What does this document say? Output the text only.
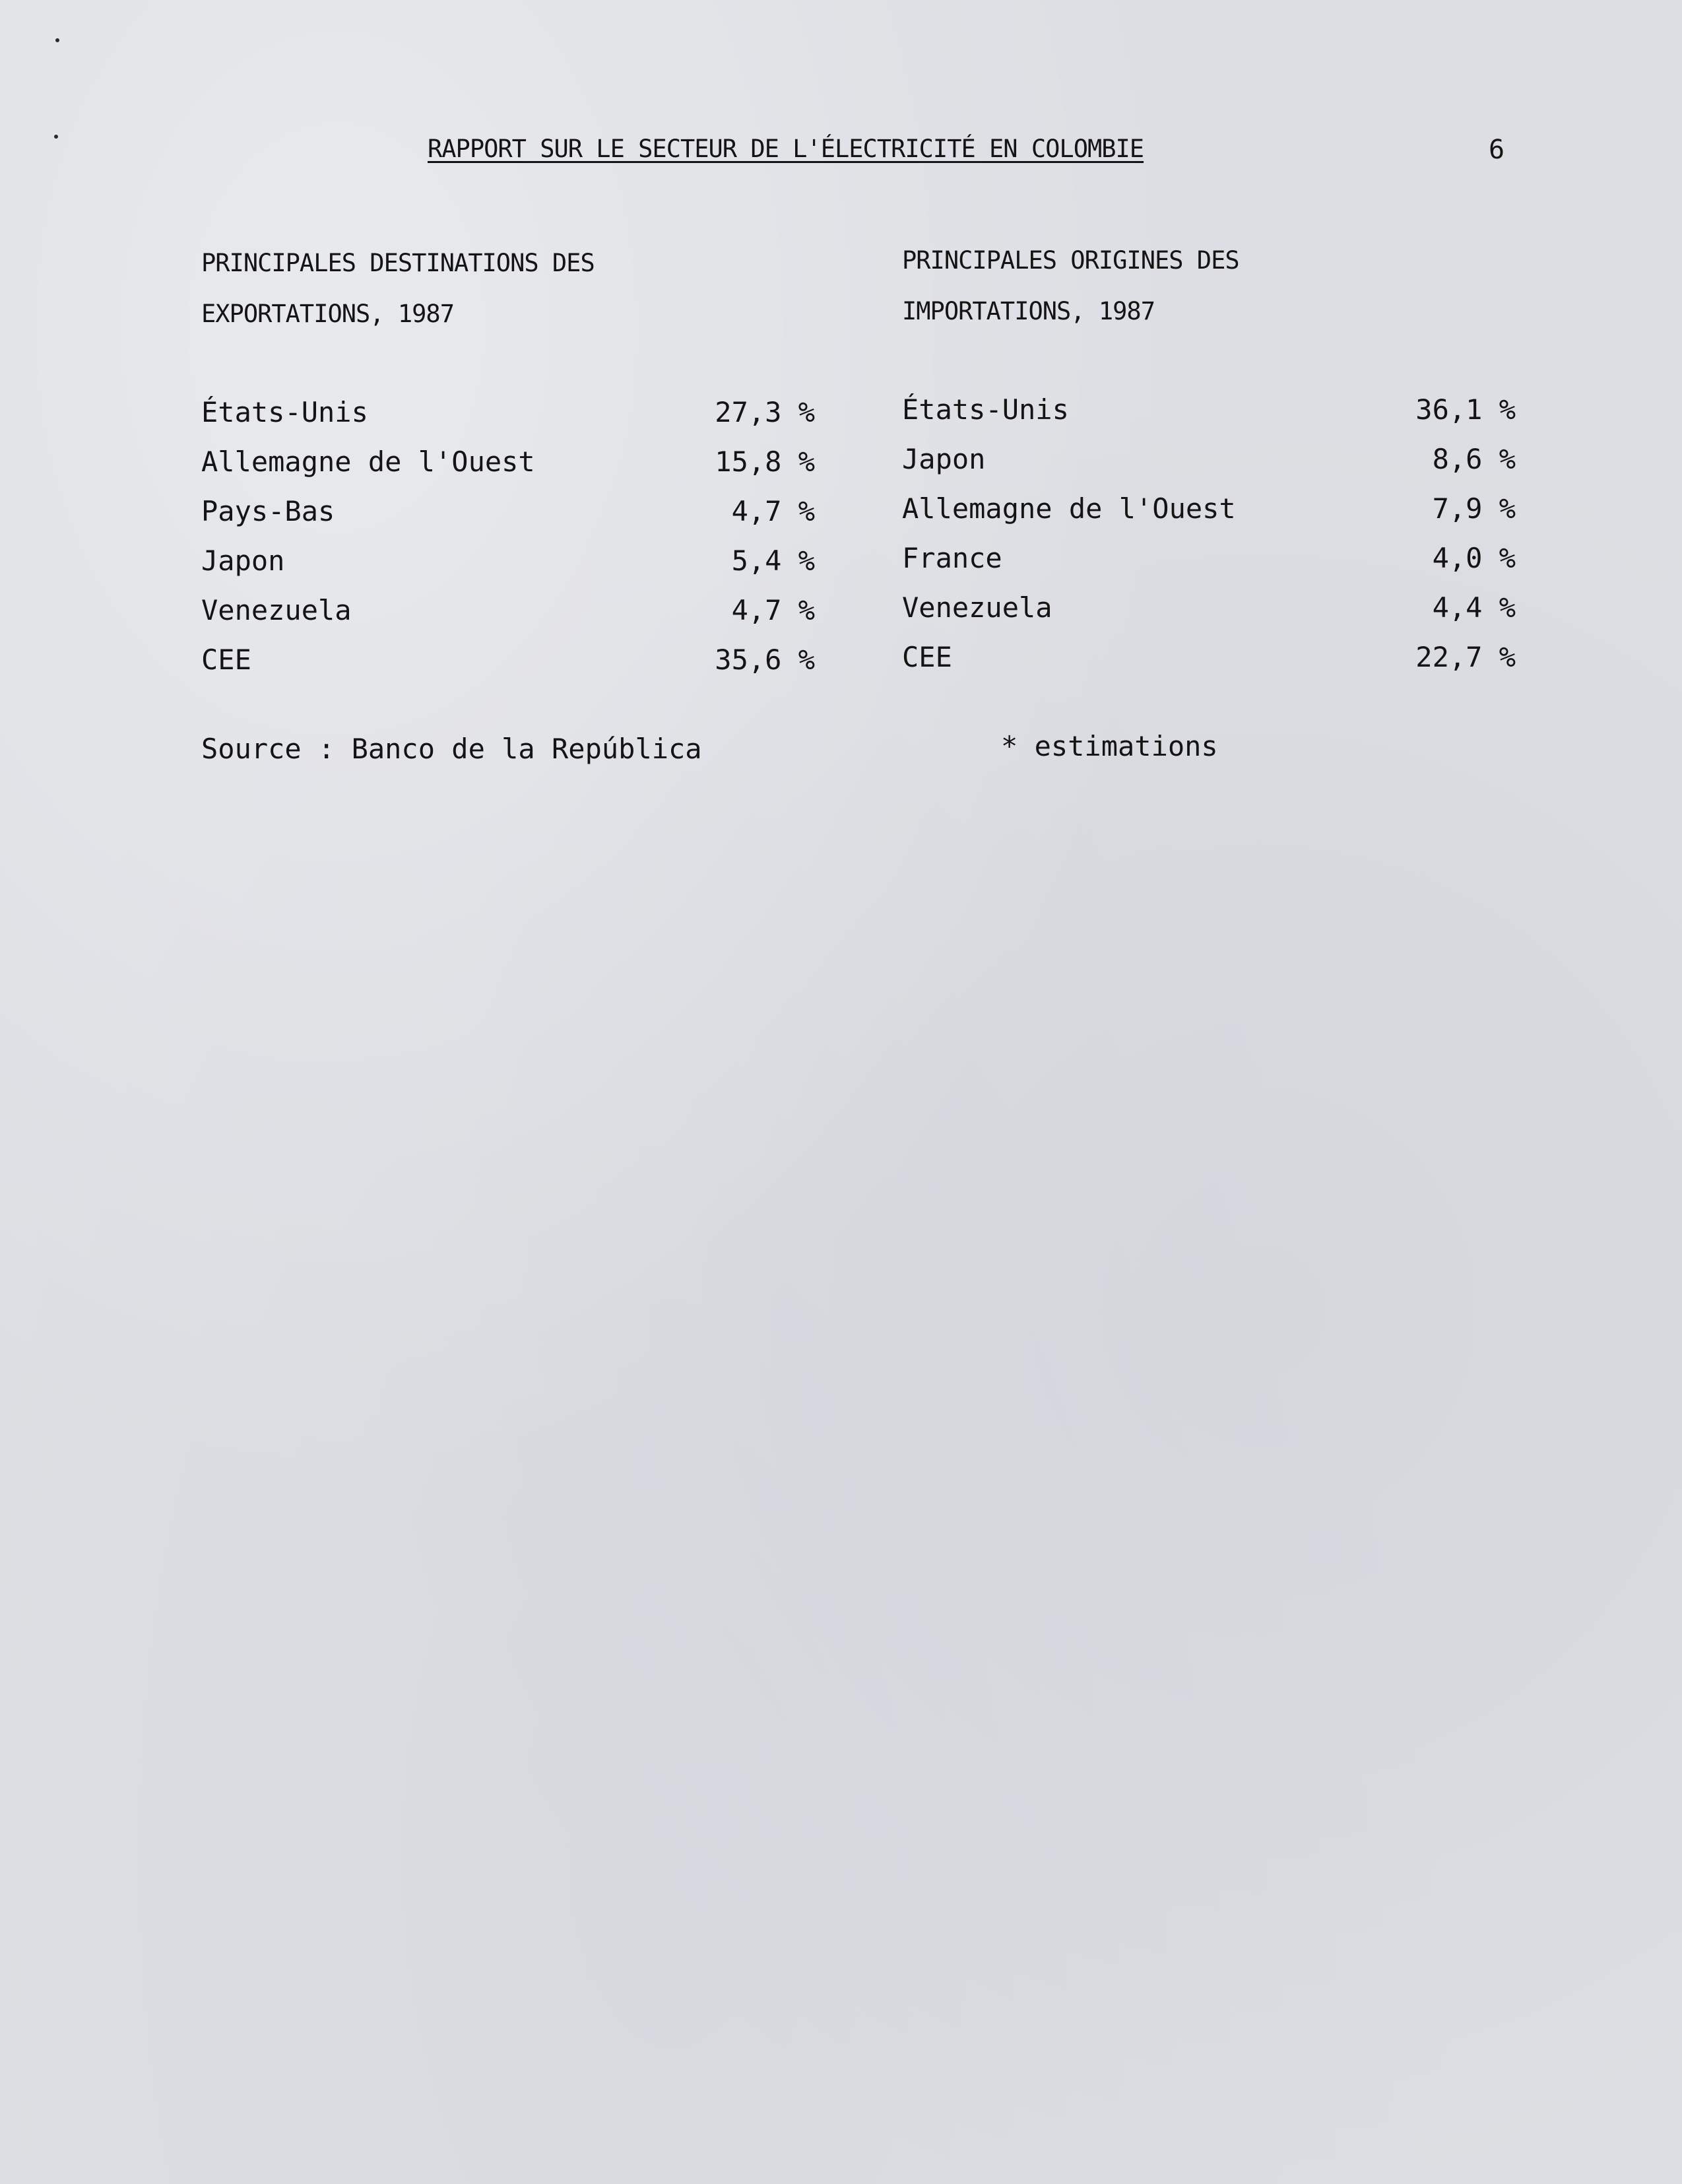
RAPPORT SUR LE SECTEUR DE L'ÉLECTRICITÉ EN COLOMBIE	6
PRINCIPALES DESTINATIONS DES
EXPORTATIONS, 1987
États-Unis	27,3 %
Allemagne de l'Ouest	15,8 %
Pays-Bas	4,7 %
Japon	5,4 %
Venezuela	4,7 %
CEE	35,6 %
PRINCIPALES ORIGINES DES
IMPORTATIONS, 1987
États-Unis	36,1 %
Japon	8,6 %
Allemagne de l'Ouest	7,9 %
France	4,0 %
Venezuela	4,4 %
CEE	22,7 %
Source : Banco de la República	* estimations
